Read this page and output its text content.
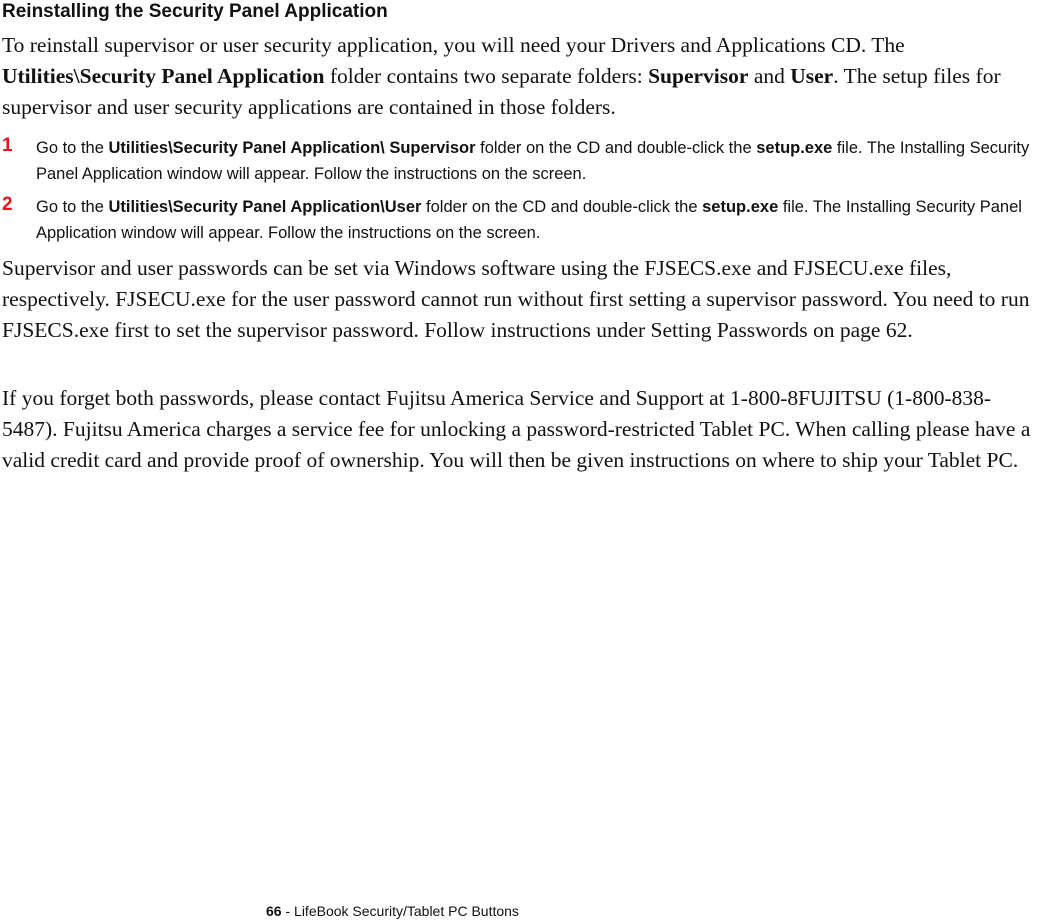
Reinstalling the Security Panel Application

To reinstall supervisor or user security application, you will need your Drivers and Applications CD. The Utilities\Security Panel Application folder contains two separate folders: Supervisor and User. The setup files for supervisor and user security applications are contained in those folders.

1 Go to the Utilities\Security Panel Application\ Supervisor folder on the CD and double-click the setup.exe file. The Installing Security Panel Application window will appear. Follow the instructions on the screen.
2 Go to the Utilities\Security Panel Application\User folder on the CD and double-click the setup.exe file. The Installing Security Panel Application window will appear. Follow the instructions on the screen.

Supervisor and user passwords can be set via Windows software using the FJSECS.exe and FJSECU.exe files, respectively. FJSECU.exe for the user password cannot run without first setting a supervisor password. You need to run FJSECS.exe first to set the supervisor password. Follow instructions under Setting Passwords on page 62.

If you forget both passwords, please contact Fujitsu America Service and Support at 1-800-8FUJITSU (1-800-838-5487). Fujitsu America charges a service fee for unlocking a password-restricted Tablet PC. When calling please have a valid credit card and provide proof of ownership. You will then be given instructions on where to ship your Tablet PC.

66 - LifeBook Security/Tablet PC Buttons
